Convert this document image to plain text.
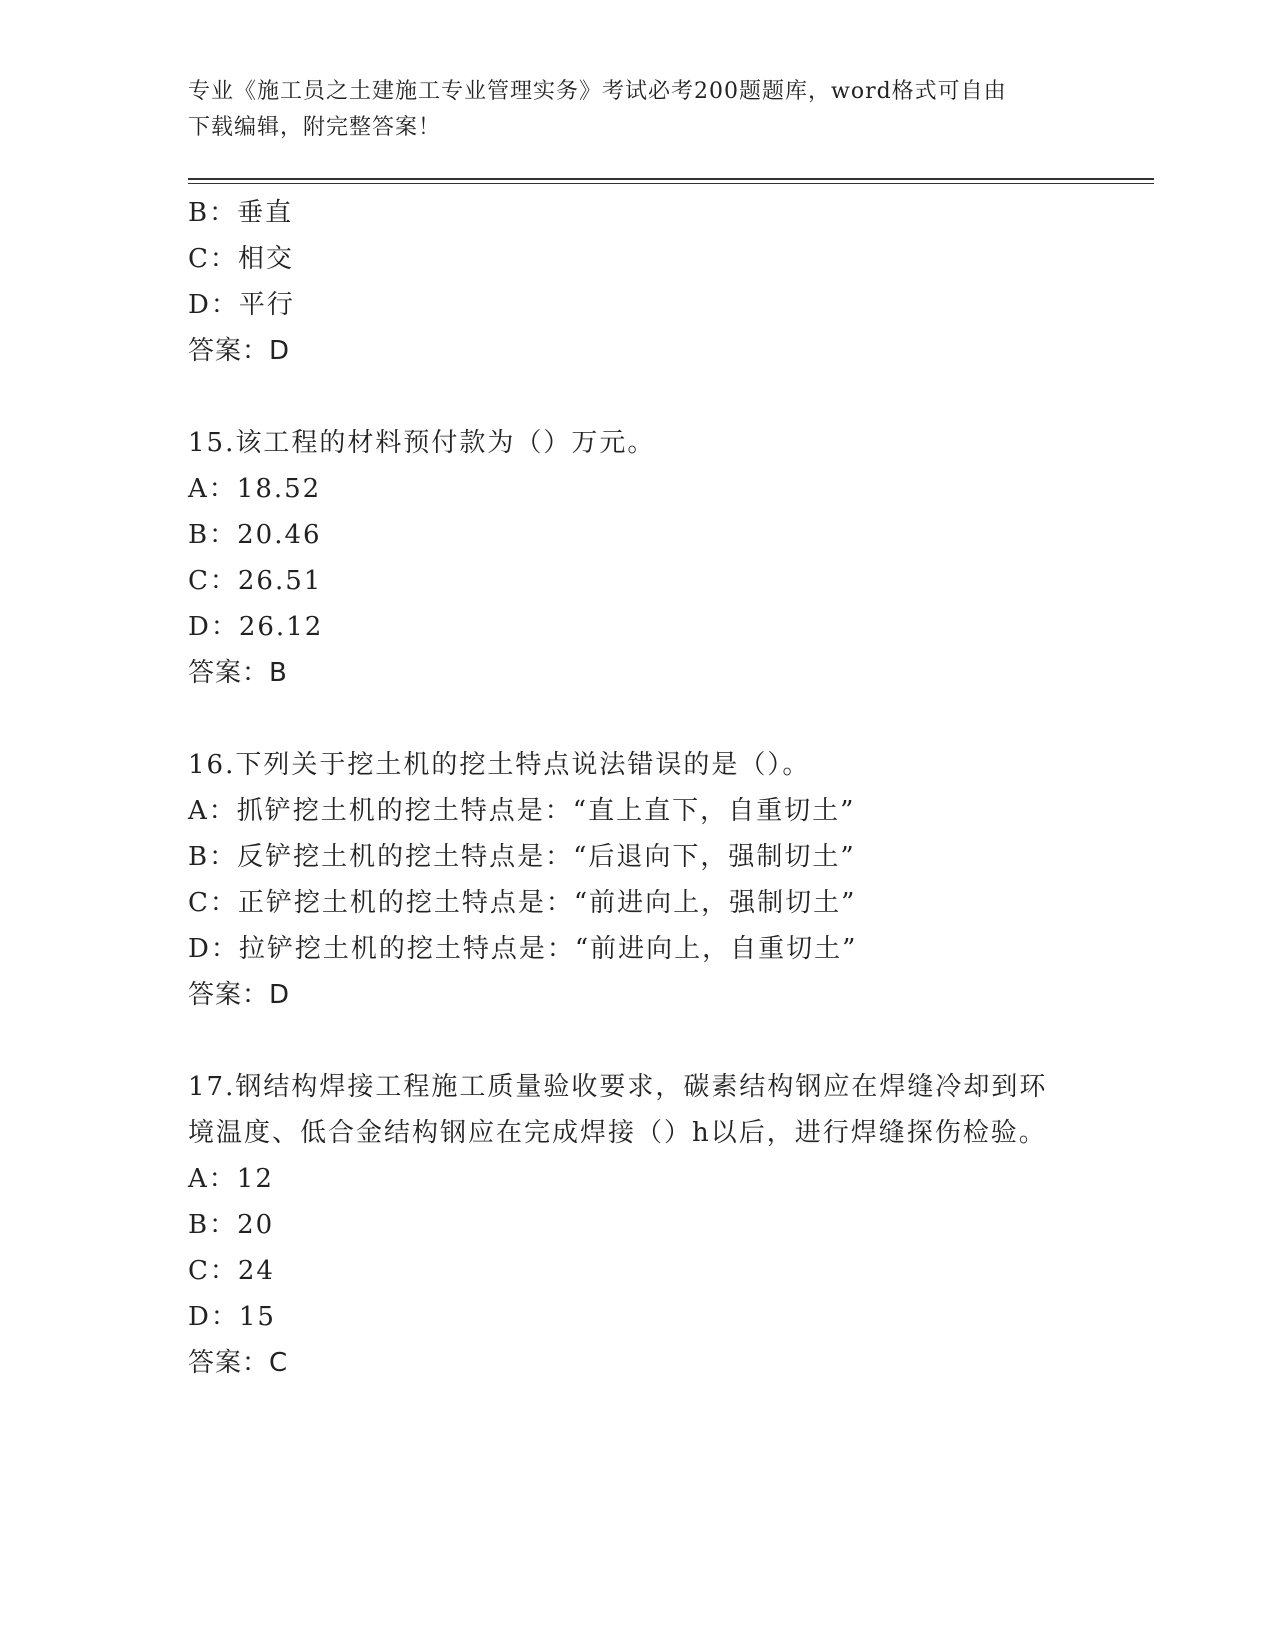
专业《施工员之土建施工专业管理实务》考试必考200题题库，word格式可自由
下载编辑，附完整答案！
B：垂直
C：相交
D：平行
答案：D
15.该工程的材料预付款为（）万元。
A：18.52
B：20.46
C：26.51
D：26.12
答案：B
16.下列关于挖土机的挖土特点说法错误的是（）。
A：抓铲挖土机的挖土特点是：“直上直下，自重切土”
B：反铲挖土机的挖土特点是：“后退向下，强制切土”
C：正铲挖土机的挖土特点是：“前进向上，强制切土”
D：拉铲挖土机的挖土特点是：“前进向上，自重切土”
答案：D
17.钢结构焊接工程施工质量验收要求，碳素结构钢应在焊缝冷却到环
境温度、低合金结构钢应在完成焊接（）h以后，进行焊缝探伤检验。
A：12
B：20
C：24
D：15
答案：C
